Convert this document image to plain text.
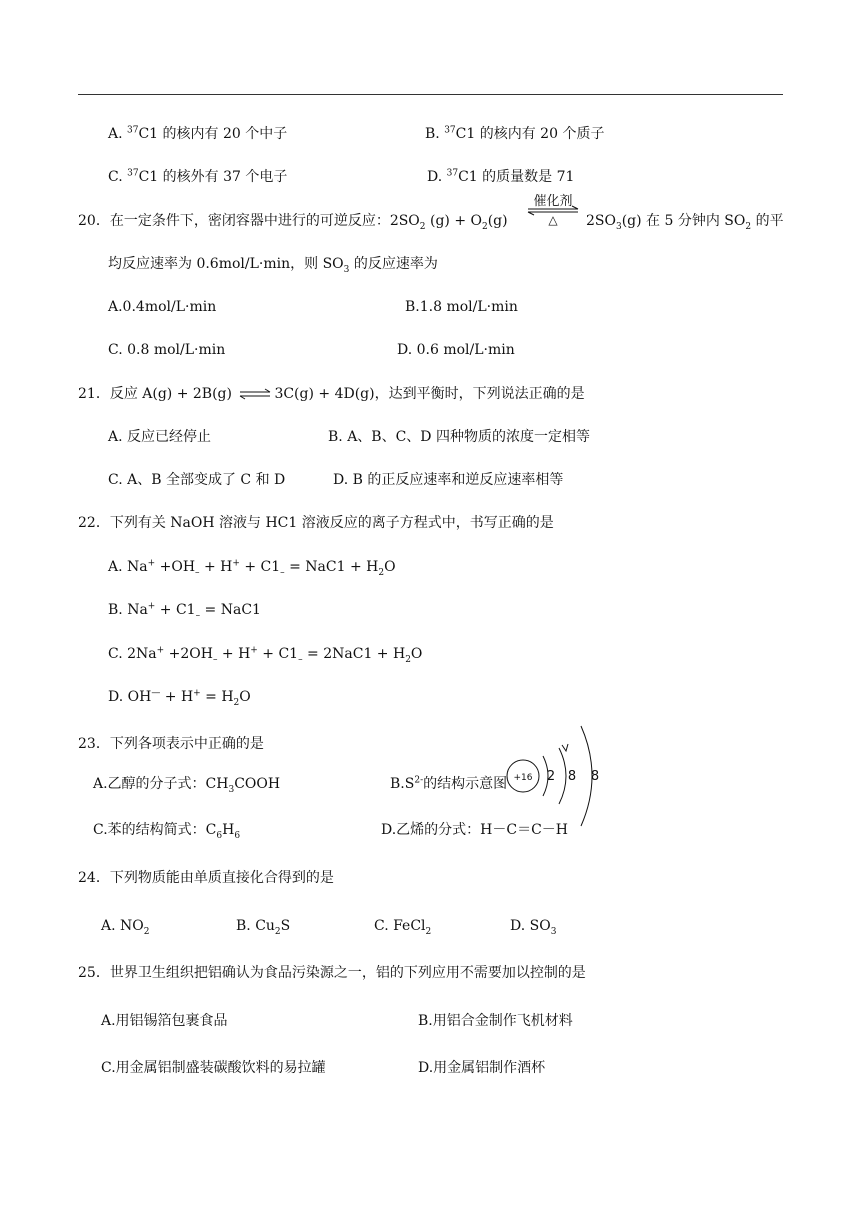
A. $^{37}$C1 的核内有 20 个中子	B. $^{37}$C1 的核内有 20 个质子
C. $^{37}$C1 的核外有 37 个电子	D. $^{37}$C1 的质量数是 71
20．在一定条件下，密闭容器中进行的可逆反应：$2SO_2$ $(g) + O_2(g)$
催化剂
△ $2SO_3(g)$ 在 5 分钟内 $SO_2$ 的平
均反应速率为 0.6mol/L·min，则 $SO_3$ 的反应速率为
A.0.4mol/L·min	B.1.8 mol/L·min
C. 0.8 mol/L·min	D. 0.6 mol/L·min
21．反应 A(g) + 2B(g) ⇌ 3C(g) + 4D(g)，达到平衡时，下列说法正确的是
A. 反应已经停止	B. A、B、C、D 四种物质的浓度一定相等
C. A、B 全部变成了 C 和 D	D. B 的正反应速率和逆反应速率相等
22．下列有关 NaOH 溶液与 HC1 溶液反应的离子方程式中，书写正确的是
A. $Na^+ +OH_- + H^+ + C1_- = NaC1 + H_2O$
B. $Na^+ + C1_- = NaC1$
C. $2Na^+ +2OH_- + H^+ + C1_- = 2NaC1 + H_2O$
D. $OH^— + H^+ = H_2O$
23．下列各项表示中正确的是
A.乙醇的分子式：$CH_3COOH$	$B.S^{2-}$的结构示意图 +16 2 8 8
C.苯的结构简式：$C_6H_6$	D.乙烯的分式：H－C＝C－H
24．下列物质能由单质直接化合得到的是
A. $NO_2$	B. $Cu_2S$	C. FeCl$_2$	D. $SO_3$
25．世界卫生组织把铝确认为食品污染源之一，铝的下列应用不需要加以控制的是
A.用铝锡箔包裹食品	B.用铝合金制作飞机材料
C.用金属铝制盛装碳酸饮料的易拉罐	D.用金属铝制作酒杯
